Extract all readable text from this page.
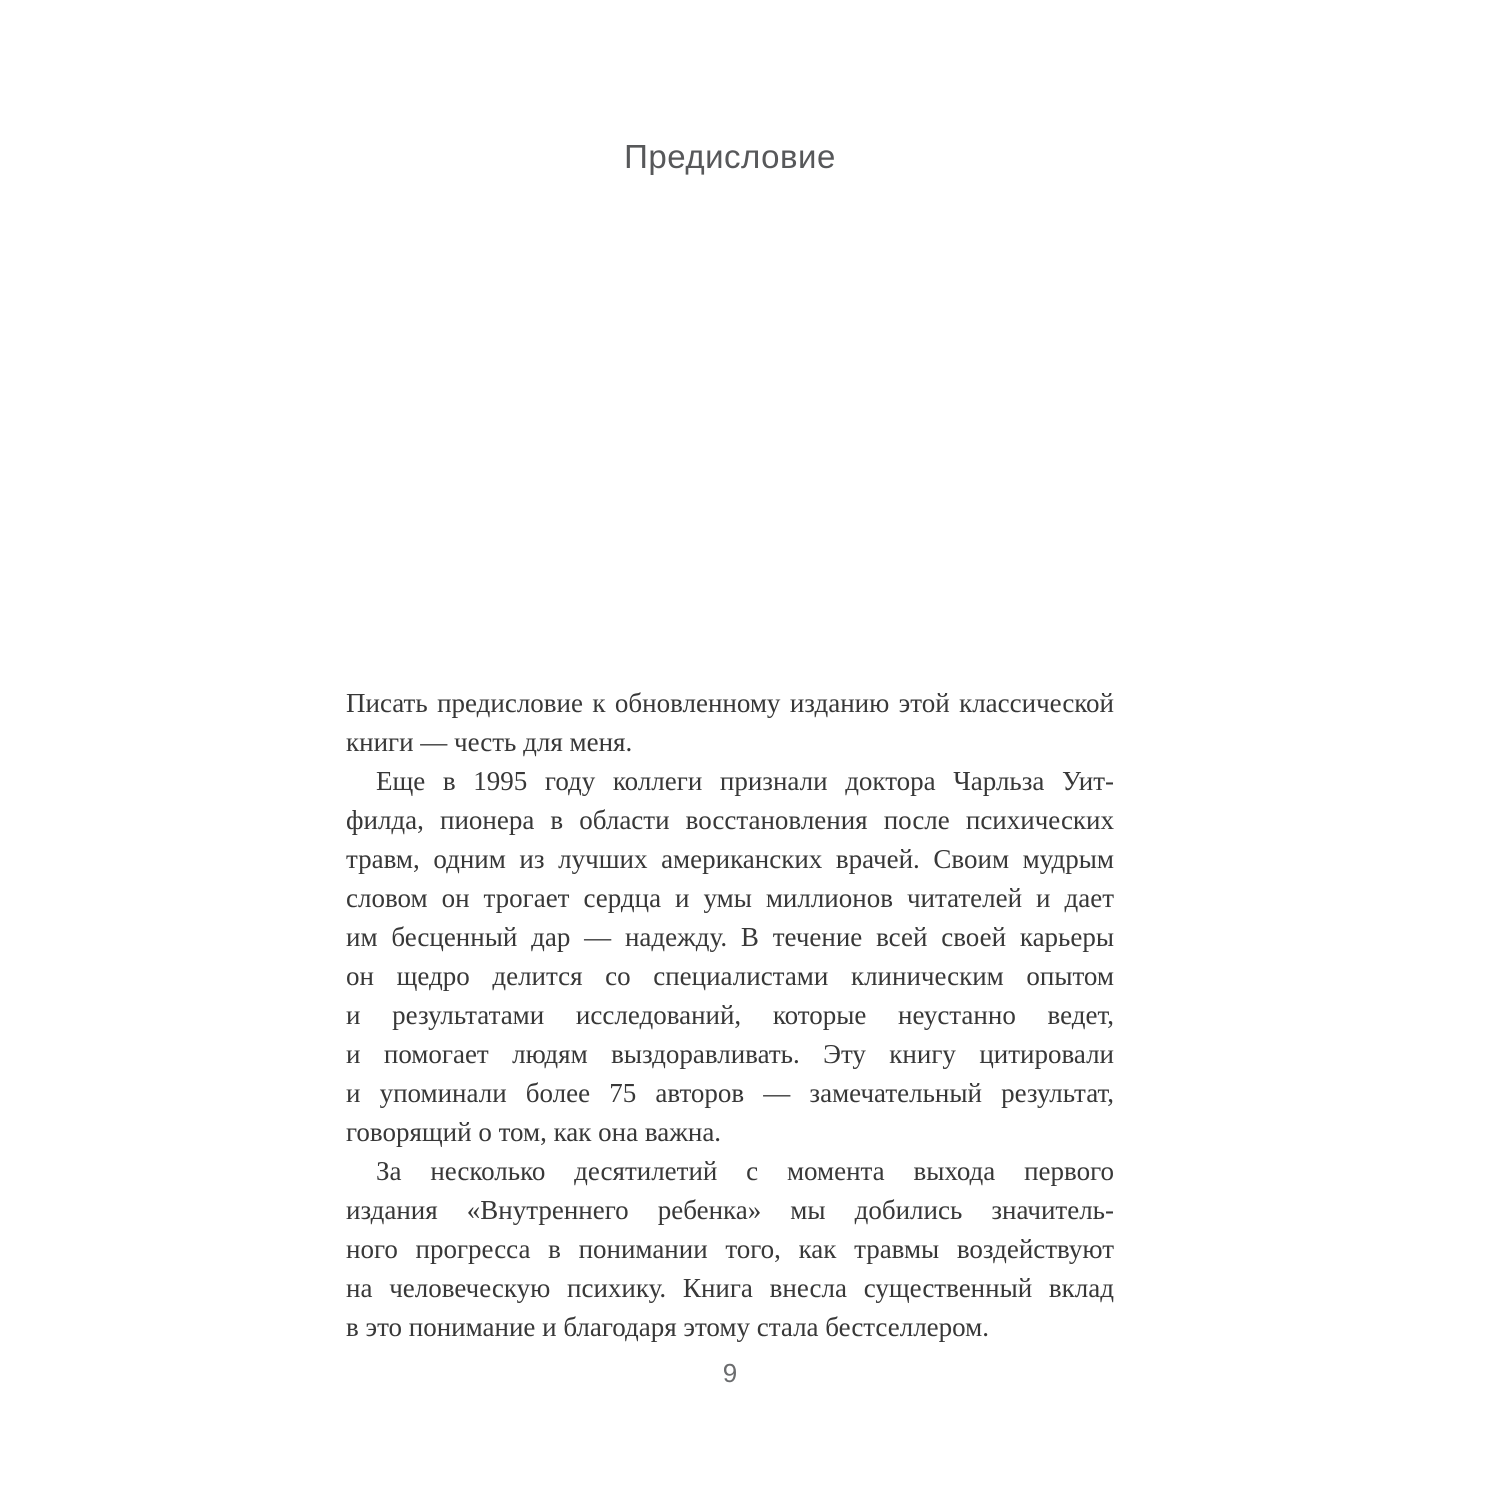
Предисловие
Писать предисловие к обновленному изданию этой классической
книги — честь для меня.
Еще в 1995 году коллеги признали доктора Чарльза Уит-
филда, пионера в области восстановления после психических
травм, одним из лучших американских врачей. Своим мудрым
словом он трогает сердца и умы миллионов читателей и дает
им бесценный дар — надежду. В течение всей своей карьеры
он щедро делится со специалистами клиническим опытом
и результатами исследований, которые неустанно ведет,
и помогает людям выздоравливать. Эту книгу цитировали
и упоминали более 75 авторов — замечательный результат,
говорящий о том, как она важна.
За несколько десятилетий с момента выхода первого
издания «Внутреннего ребенка» мы добились значитель-
ного прогресса в понимании того, как травмы воздействуют
на человеческую психику. Книга внесла существенный вклад
в это понимание и благодаря этому стала бестселлером.
9
